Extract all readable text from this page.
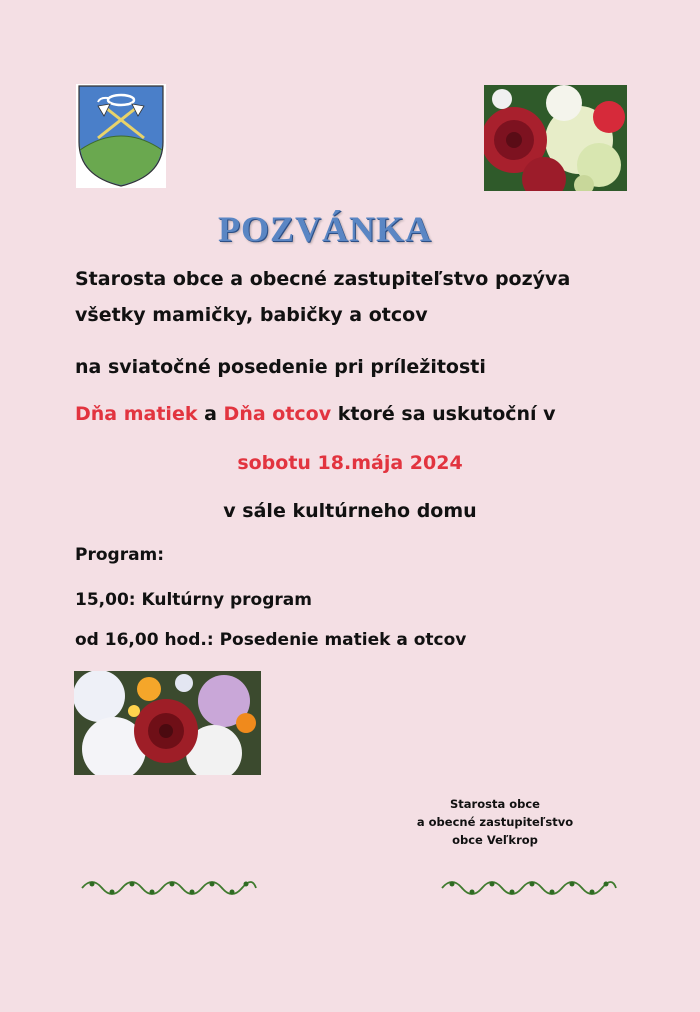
POZVÁNKA
Starosta obce a obecné zastupiteľstvo pozýva
všetky mamičky, babičky a otcov
na sviatočné posedenie pri príležitosti
Dňa matiek a Dňa otcov ktoré sa uskutoční v
sobotu 18.mája 2024
v sále kultúrneho domu
Program:
15,00: Kultúrny program
od 16,00 hod.: Posedenie matiek a otcov
Starosta obce
a obecné zastupiteľstvo
obce Veľkrop
